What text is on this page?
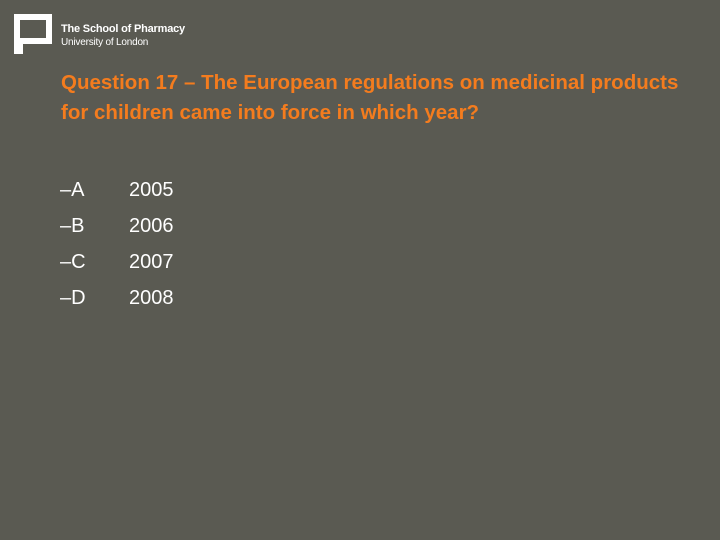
The School of Pharmacy
University of London
Question 17 – The European regulations on medicinal products for children came into force in which year?
–A 2005
–B 2006
–C 2007
–D 2008
